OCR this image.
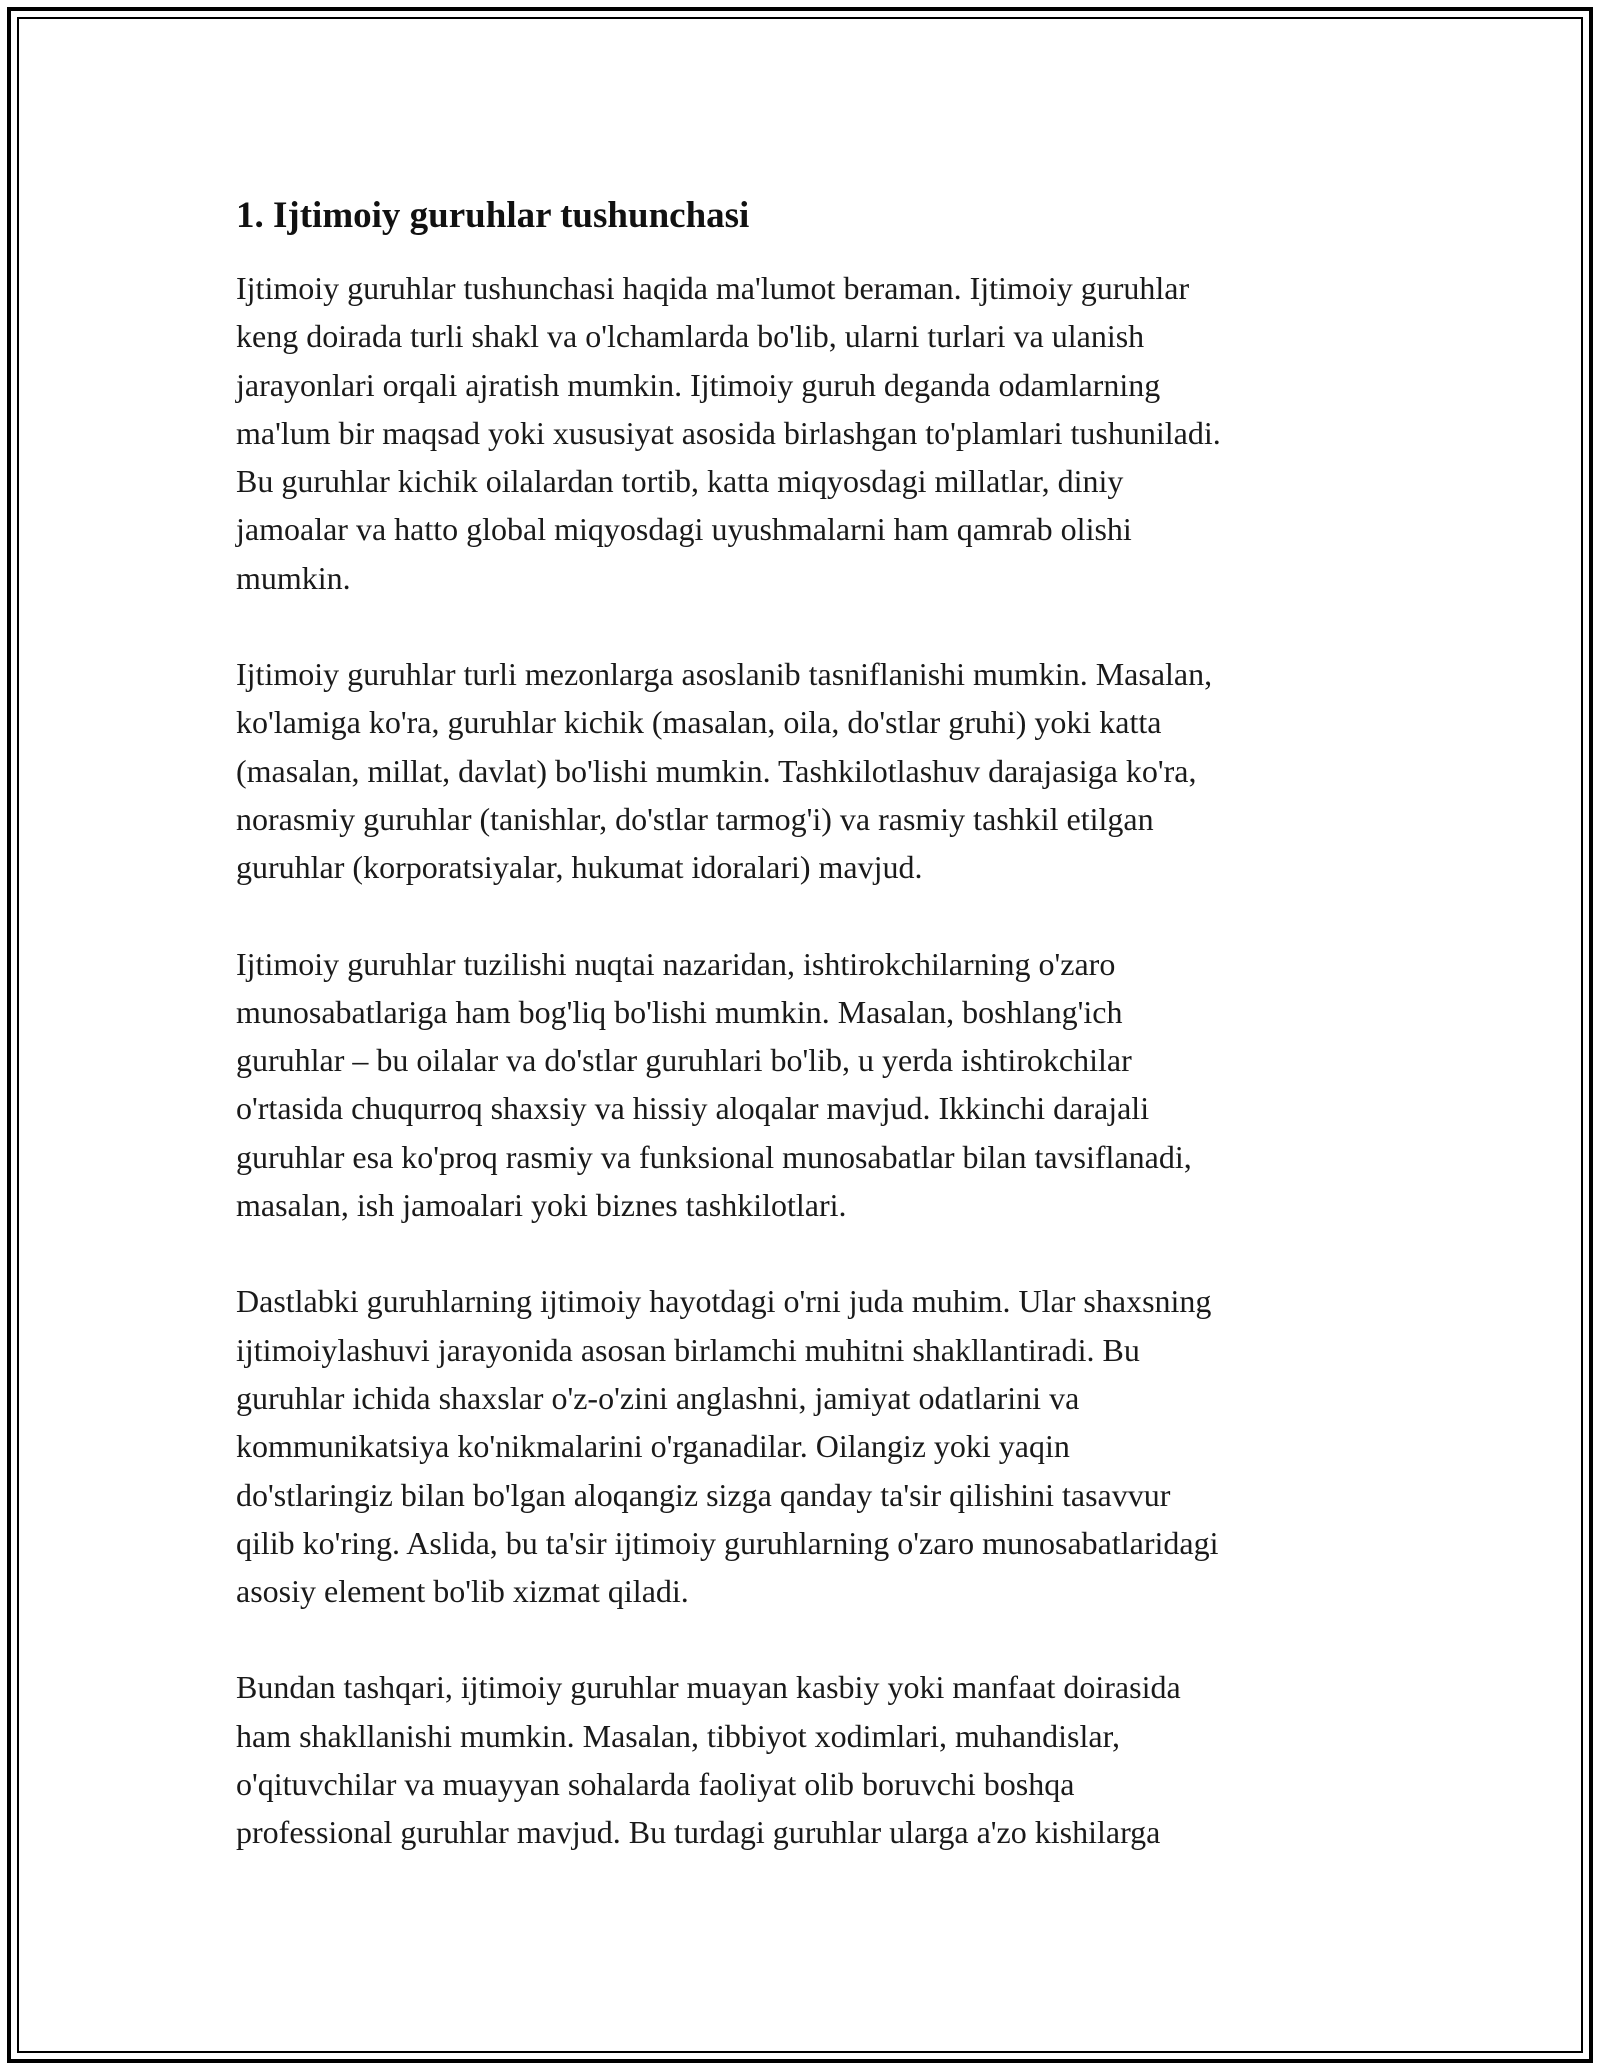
1. Ijtimoiy guruhlar tushunchasi

Ijtimoiy guruhlar tushunchasi haqida ma'lumot beraman. Ijtimoiy guruhlar
keng doirada turli shakl va o'lchamlarda bo'lib, ularni turlari va ulanish
jarayonlari orqali ajratish mumkin. Ijtimoiy guruh deganda odamlarning
ma'lum bir maqsad yoki xususiyat asosida birlashgan to'plamlari tushuniladi.
Bu guruhlar kichik oilalardan tortib, katta miqyosdagi millatlar, diniy
jamoalar va hatto global miqyosdagi uyushmalarni ham qamrab olishi
mumkin.

Ijtimoiy guruhlar turli mezonlarga asoslanib tasniflanishi mumkin. Masalan,
ko'lamiga ko'ra, guruhlar kichik (masalan, oila, do'stlar gruhi) yoki katta
(masalan, millat, davlat) bo'lishi mumkin. Tashkilotlashuv darajasiga ko'ra,
norasmiy guruhlar (tanishlar, do'stlar tarmog'i) va rasmiy tashkil etilgan
guruhlar (korporatsiyalar, hukumat idoralari) mavjud.

Ijtimoiy guruhlar tuzilishi nuqtai nazaridan, ishtirokchilarning o'zaro
munosabatlariga ham bog'liq bo'lishi mumkin. Masalan, boshlang'ich
guruhlar – bu oilalar va do'stlar guruhlari bo'lib, u yerda ishtirokchilar
o'rtasida chuqurroq shaxsiy va hissiy aloqalar mavjud. Ikkinchi darajali
guruhlar esa ko'proq rasmiy va funksional munosabatlar bilan tavsiflanadi,
masalan, ish jamoalari yoki biznes tashkilotlari.

Dastlabki guruhlarning ijtimoiy hayotdagi o'rni juda muhim. Ular shaxsning
ijtimoiylashuvi jarayonida asosan birlamchi muhitni shakllantiradi. Bu
guruhlar ichida shaxslar o'z-o'zini anglashni, jamiyat odatlarini va
kommunikatsiya ko'nikmalarini o'rganadilar. Oilangiz yoki yaqin
do'stlaringiz bilan bo'lgan aloqangiz sizga qanday ta'sir qilishini tasavvur
qilib ko'ring. Aslida, bu ta'sir ijtimoiy guruhlarning o'zaro munosabatlaridagi
asosiy element bo'lib xizmat qiladi.

Bundan tashqari, ijtimoiy guruhlar muayan kasbiy yoki manfaat doirasida
ham shakllanishi mumkin. Masalan, tibbiyot xodimlari, muhandislar,
o'qituvchilar va muayyan sohalarda faoliyat olib boruvchi boshqa
professional guruhlar mavjud. Bu turdagi guruhlar ularga a'zo kishilarga
